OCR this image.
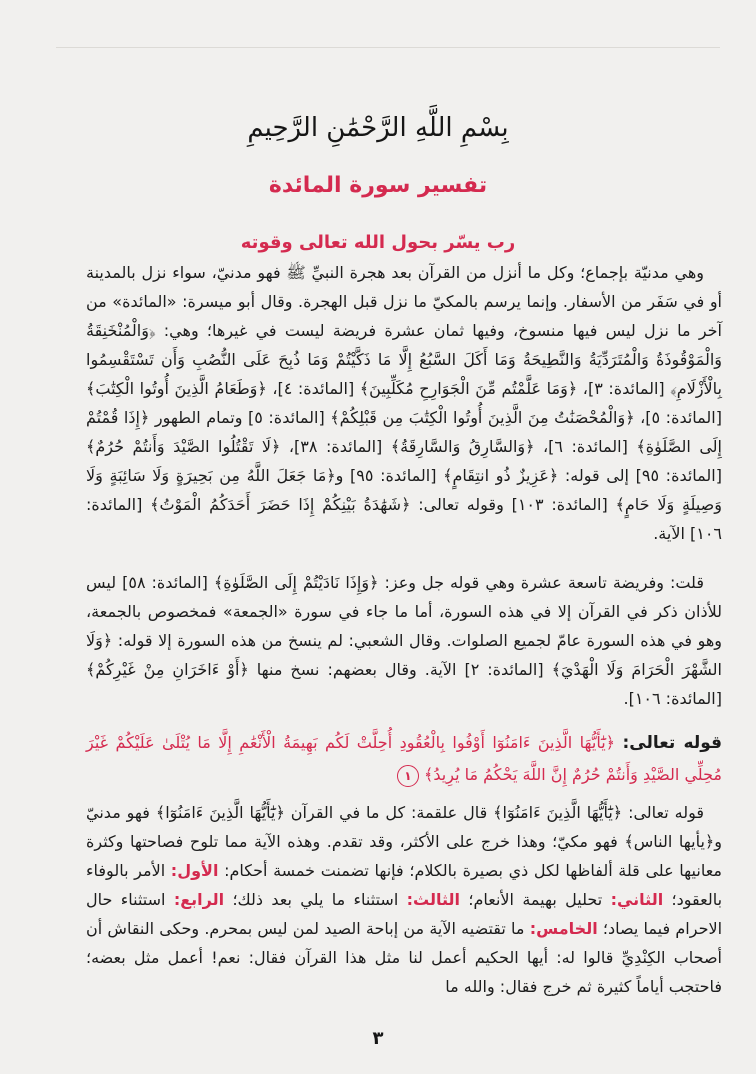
بِسْمِ اللَّهِ الرَّحْمَٰنِ الرَّحِيمِ
تفسير سورة المائدة
رب يسّر بحول الله تعالى وقوته

وهي مدنيّة بإجماع؛ وكل ما أنزل من القرآن بعد هجرة النبيِّ ﷺ فهو مدنيّ، سواء نزل بالمدينة أو في سَفَر من الأسفار. وإنما يرسم بالمكيّ ما نزل قبل الهجرة. وقال أبو ميسرة: «المائدة» من آخر ما نزل ليس فيها منسوخ، وفيها ثمان عشرة فريضة ليست في غيرها؛ وهي: ﴿وَالْمُنْخَنِقَةُ وَالْمَوْقُوذَةُ وَالْمُتَرَدِّيَةُ وَالنَّطِيحَةُ وَمَا أَكَلَ السَّبُعُ إِلَّا مَا ذَكَّيْتُمْ وَمَا ذُبِحَ عَلَى النُّصُبِ وَأَن تَسْتَقْسِمُوا بِالْأَزْلَامِ﴾ [المائدة: ٣]، ﴿وَمَا عَلَّمْتُم مِّنَ الْجَوَارِحِ مُكَلِّبِينَ﴾ [المائدة: ٤]، ﴿وَطَعَامُ الَّذِينَ أُوتُوا الْكِتَٰبَ﴾ [المائدة: ٥]، ﴿وَالْمُحْصَنَٰتُ مِنَ الَّذِينَ أُوتُوا الْكِتَٰبَ مِن قَبْلِكُمْ﴾ [المائدة: ٥] وتمام الطهور ﴿إِذَا قُمْتُمْ إِلَى الصَّلَوٰةِ﴾ [المائدة: ٦]، ﴿وَالسَّارِقُ وَالسَّارِقَةُ﴾ [المائدة: ٣٨]، ﴿لَا تَقْتُلُوا الصَّيْدَ وَأَنتُمْ حُرُمٌ﴾ [المائدة: ٩٥] إلى قوله: ﴿عَزِيزٌ ذُو انتِقَامٍ﴾ [المائدة: ٩٥] و﴿مَا جَعَلَ اللَّهُ مِن بَحِيرَةٍ وَلَا سَائِبَةٍ وَلَا وَصِيلَةٍ وَلَا حَامٍ﴾ [المائدة: ١٠٣] وقوله تعالى: ﴿شَهَٰدَةُ بَيْنِكُمْ إِذَا حَضَرَ أَحَدَكُمُ الْمَوْتُ﴾ [المائدة: ١٠٦] الآية.

قلت: وفريضة تاسعة عشرة وهي قوله جل وعز: ﴿وَإِذَا نَادَيْتُمْ إِلَى الصَّلَوٰةِ﴾ [المائدة: ٥٨] ليس للأذان ذكر في القرآن إلا في هذه السورة، أما ما جاء في سورة «الجمعة» فمخصوص بالجمعة، وهو في هذه السورة عامّ لجميع الصلوات. وقال الشعبي: لم ينسخ من هذه السورة إلا قوله: ﴿وَلَا الشَّهْرَ الْحَرَامَ وَلَا الْهَدْيَ﴾ [المائدة: ٢] الآية. وقال بعضهم: نسخ منها ﴿أَوْ ءَاخَرَانِ مِنْ غَيْرِكُمْ﴾ [المائدة: ١٠٦].

قوله تعالى: ﴿يَٰٓأَيُّهَا الَّذِينَ ءَامَنُوٓا أَوْفُوا بِالْعُقُودِ أُحِلَّتْ لَكُم بَهِيمَةُ الْأَنْعَٰمِ إِلَّا مَا يُتْلَىٰ عَلَيْكُمْ غَيْرَ مُحِلِّي الصَّيْدِ وَأَنتُمْ حُرُمٌ إِنَّ اللَّهَ يَحْكُمُ مَا يُرِيدُ﴾ ١

قوله تعالى: ﴿يَٰٓأَيُّهَا الَّذِينَ ءَامَنُوٓا﴾ قال علقمة: كل ما في القرآن ﴿يَٰٓأَيُّهَا الَّذِينَ ءَامَنُوٓا﴾ فهو مدنيّ و﴿يأيها الناس﴾ فهو مكيّ؛ وهذا خرج على الأكثر، وقد تقدم. وهذه الآية مما تلوح فصاحتها وكثرة معانيها على قلة ألفاظها لكل ذي بصيرة بالكلام؛ فإنها تضمنت خمسة أحكام: الأول: الأمر بالوفاء بالعقود؛ الثاني: تحليل بهيمة الأنعام؛ الثالث: استثناء ما يلي بعد ذلك؛ الرابع: استثناء حال الاحرام فيما يصاد؛ الخامس: ما تقتضيه الآية من إباحة الصيد لمن ليس بمحرم. وحكى النقاش أن أصحاب الكِنْدِيِّ قالوا له: أيها الحكيم أعمل لنا مثل هذا القرآن فقال: نعم! أعمل مثل بعضه؛ فاحتجب أياماً كثيرة ثم خرج فقال: والله ما

٣
